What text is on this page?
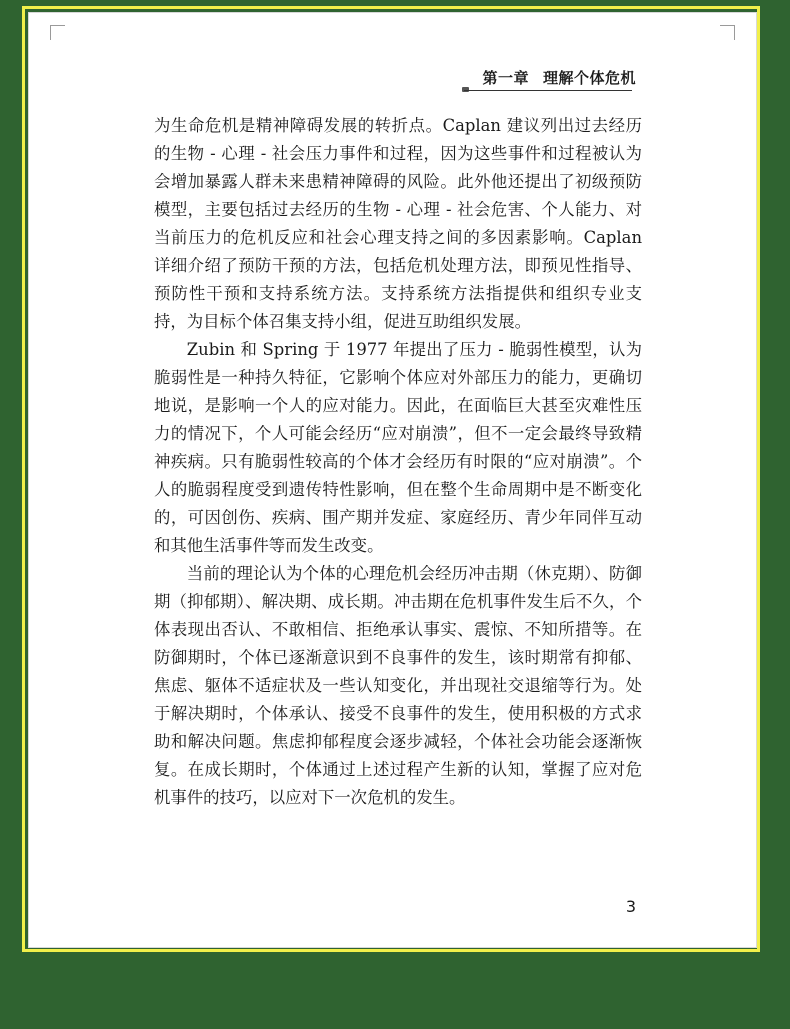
第一章 理解个体危机

为生命危机是精神障碍发展的转折点。Caplan 建议列出过去经历的生物 - 心理 - 社会压力事件和过程，因为这些事件和过程被认为会增加暴露人群未来患精神障碍的风险。此外他还提出了初级预防模型，主要包括过去经历的生物 - 心理 - 社会危害、个人能力、对当前压力的危机反应和社会心理支持之间的多因素影响。Caplan 详细介绍了预防干预的方法，包括危机处理方法，即预见性指导、预防性干预和支持系统方法。支持系统方法指提供和组织专业支持，为目标个体召集支持小组，促进互助组织发展。

Zubin 和 Spring 于 1977 年提出了压力 - 脆弱性模型，认为脆弱性是一种持久特征，它影响个体应对外部压力的能力，更确切地说，是影响一个人的应对能力。因此，在面临巨大甚至灾难性压力的情况下，个人可能会经历“应对崩溃”，但不一定会最终导致精神疾病。只有脆弱性较高的个体才会经历有时限的“应对崩溃”。个人的脆弱程度受到遗传特性影响，但在整个生命周期中是不断变化的，可因创伤、疾病、围产期并发症、家庭经历、青少年同伴互动和其他生活事件等而发生改变。

当前的理论认为个体的心理危机会经历冲击期（休克期）、防御期（抑郁期）、解决期、成长期。冲击期在危机事件发生后不久，个体表现出否认、不敢相信、拒绝承认事实、震惊、不知所措等。在防御期时，个体已逐渐意识到不良事件的发生，该时期常有抑郁、焦虑、躯体不适症状及一些认知变化，并出现社交退缩等行为。处于解决期时，个体承认、接受不良事件的发生，使用积极的方式求助和解决问题。焦虑抑郁程度会逐步减轻，个体社会功能会逐渐恢复。在成长期时，个体通过上述过程产生新的认知，掌握了应对危机事件的技巧，以应对下一次危机的发生。

3
